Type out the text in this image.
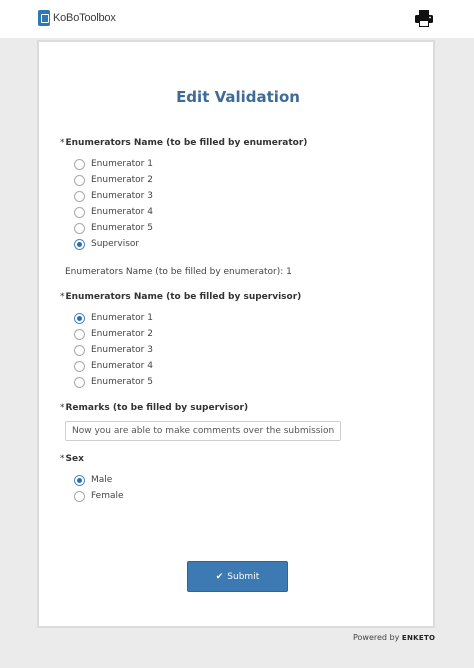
KoBoToolbox
Edit Validation
*Enumerators Name (to be filled by enumerator)
Enumerator 1
Enumerator 2
Enumerator 3
Enumerator 4
Enumerator 5
Supervisor
Enumerators Name (to be filled by enumerator): 1
*Enumerators Name (to be filled by supervisor)
Enumerator 1
Enumerator 2
Enumerator 3
Enumerator 4
Enumerator 5
*Remarks (to be filled by supervisor)
Now you are able to make comments over the submission
*Sex
Male
Female
✔ Submit
Powered by ENKETO
